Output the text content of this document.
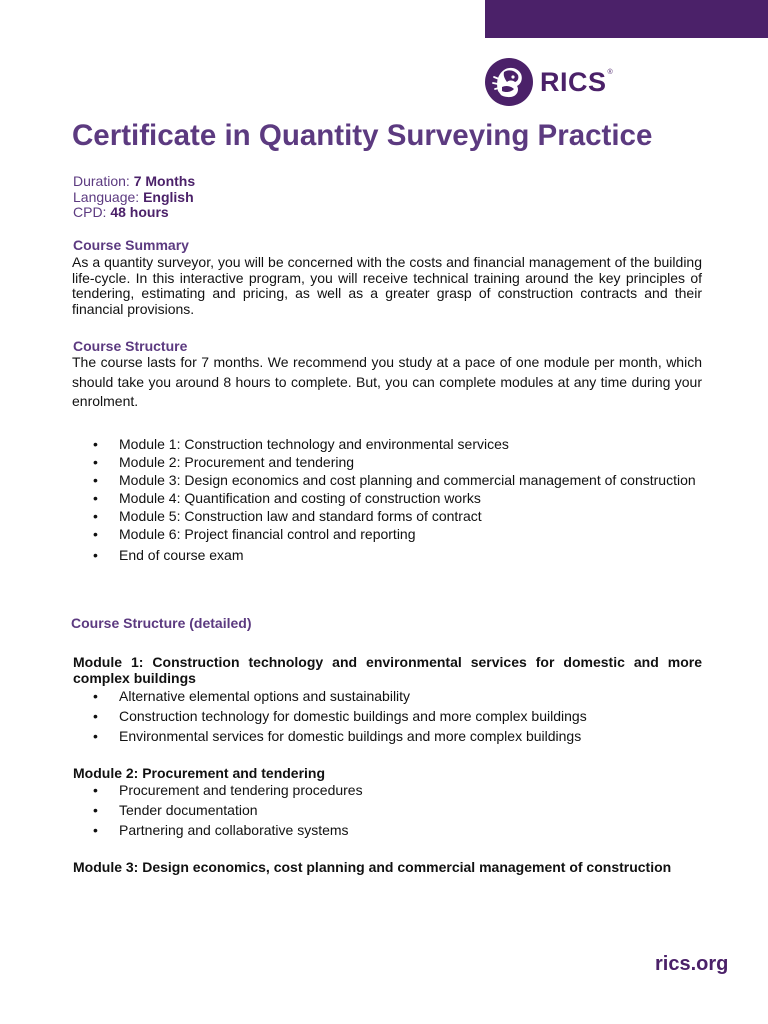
RICS ®
Certificate in Quantity Surveying Practice
Duration: 7 Months
Language: English
CPD: 48 hours
Course Summary

As a quantity surveyor, you will be concerned with the costs and financial management of the building life-cycle. In this interactive program, you will receive technical training around the key principles of tendering, estimating and pricing, as well as a greater grasp of construction contracts and their financial provisions.

Course Structure

The course lasts for 7 months. We recommend you study at a pace of one module per month, which should take you around 8 hours to complete. But, you can complete modules at any time during your enrolment.

• Module 1: Construction technology and environmental services
• Module 2: Procurement and tendering
• Module 3: Design economics and cost planning and commercial management of construction
• Module 4: Quantification and costing of construction works
• Module 5: Construction law and standard forms of contract
• Module 6: Project financial control and reporting
• End of course exam
Course Structure (detailed)

Module 1: Construction technology and environmental services for domestic and more complex buildings

• Alternative elemental options and sustainability
• Construction technology for domestic buildings and more complex buildings
• Environmental services for domestic buildings and more complex buildings

Module 2: Procurement and tendering

• Procurement and tendering procedures
• Tender documentation
• Partnering and collaborative systems

Module 3: Design economics, cost planning and commercial management of construction

rics.org
